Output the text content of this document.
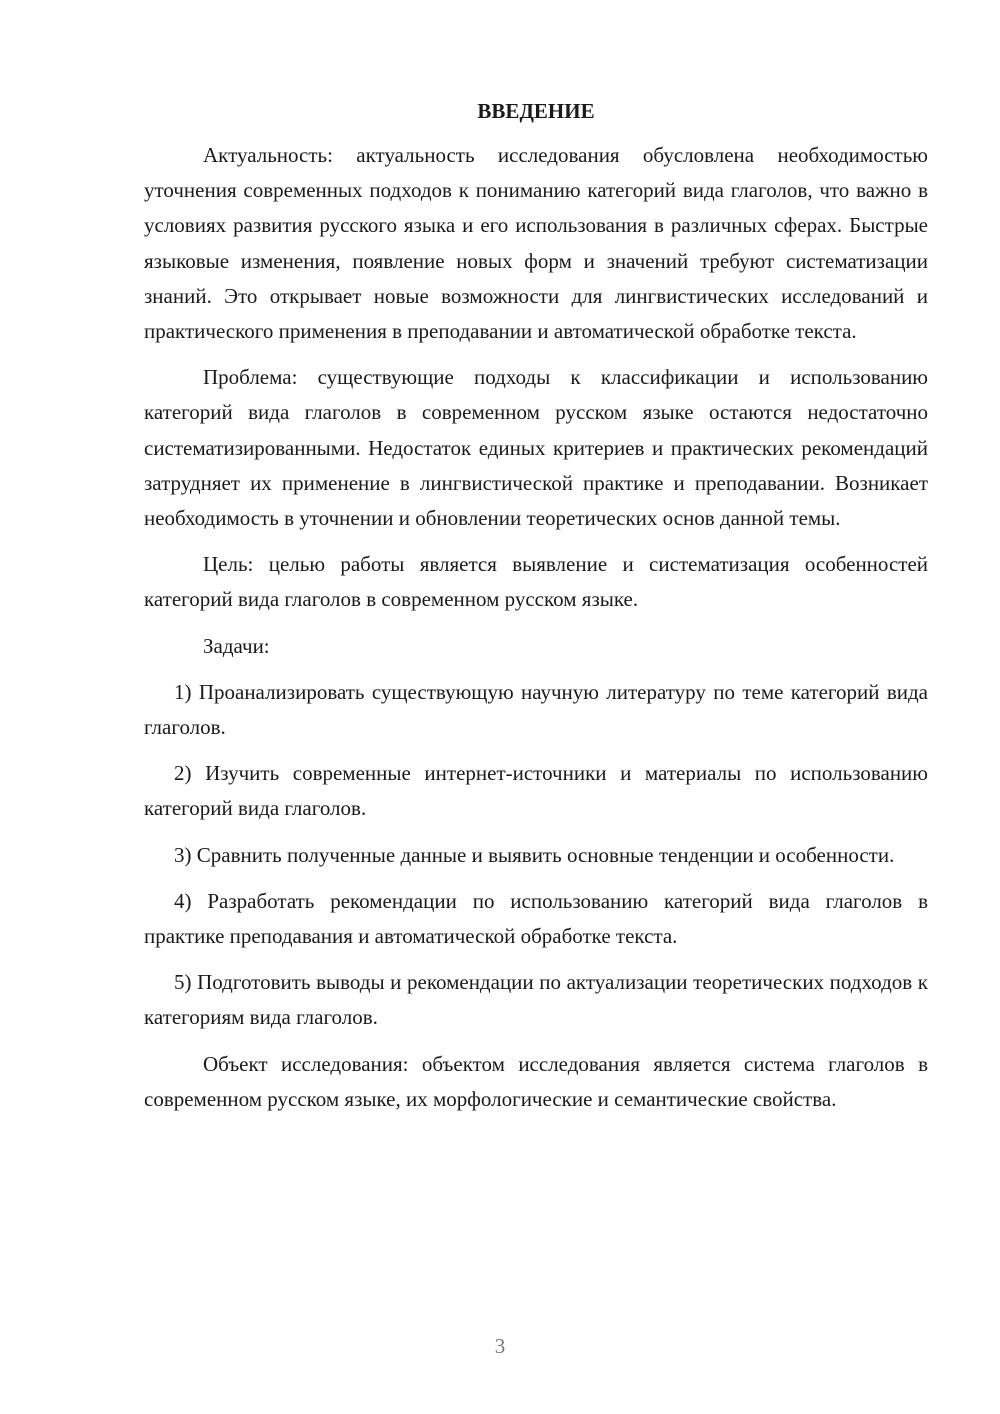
ВВЕДЕНИЕ

Актуальность: актуальность исследования обусловлена необходимостью уточнения современных подходов к пониманию категорий вида глаголов, что важно в условиях развития русского языка и его использования в различных сферах. Быстрые языковые изменения, появление новых форм и значений требуют систематизации знаний. Это открывает новые возможности для лингвистических исследований и практического применения в преподавании и автоматической обработке текста.

Проблема: существующие подходы к классификации и использованию категорий вида глаголов в современном русском языке остаются недостаточно систематизированными. Недостаток единых критериев и практических рекомендаций затрудняет их применение в лингвистической практике и преподавании. Возникает необходимость в уточнении и обновлении теоретических основ данной темы.

Цель: целью работы является выявление и систематизация особенностей категорий вида глаголов в современном русском языке.

Задачи:

1) Проанализировать существующую научную литературу по теме категорий вида глаголов.

2) Изучить современные интернет-источники и материалы по использованию категорий вида глаголов.

3) Сравнить полученные данные и выявить основные тенденции и особенности.

4) Разработать рекомендации по использованию категорий вида глаголов в практике преподавания и автоматической обработке текста.

5) Подготовить выводы и рекомендации по актуализации теоретических подходов к категориям вида глаголов.

Объект исследования: объектом исследования является система глаголов в современном русском языке, их морфологические и семантические свойства.

3
